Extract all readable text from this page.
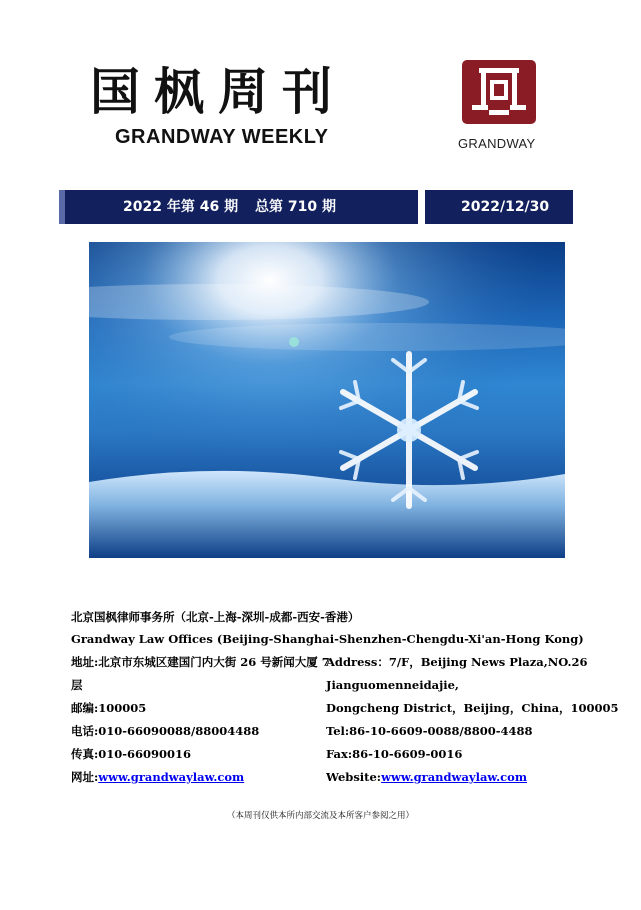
国枫周刊
GRANDWAY WEEKLY	GRANDWAY
2022 年第 46 期 总第 710 期	2022/12/30
北京国枫律师事务所（北京-上海-深圳-成都-西安-香港）
Grandway Law Offices (Beijing-Shanghai-Shenzhen-Chengdu-Xi'an-Hong Kong)
地址:北京市东城区建国门内大街 26 号新闻大厦 7
层
邮编:100005
电话:010-66090088/88004488
传真:010-66090016
网址:www.grandwaylaw.com
Address：7/F，Beijing News Plaza,NO.26
Jianguomenneidajie,
Dongcheng District，Beijing，China，100005
Tel:86-10-6609-0088/8800-4488
Fax:86-10-6609-0016
Website:www.grandwaylaw.com
（本周刊仅供本所内部交流及本所客户参阅之用）
